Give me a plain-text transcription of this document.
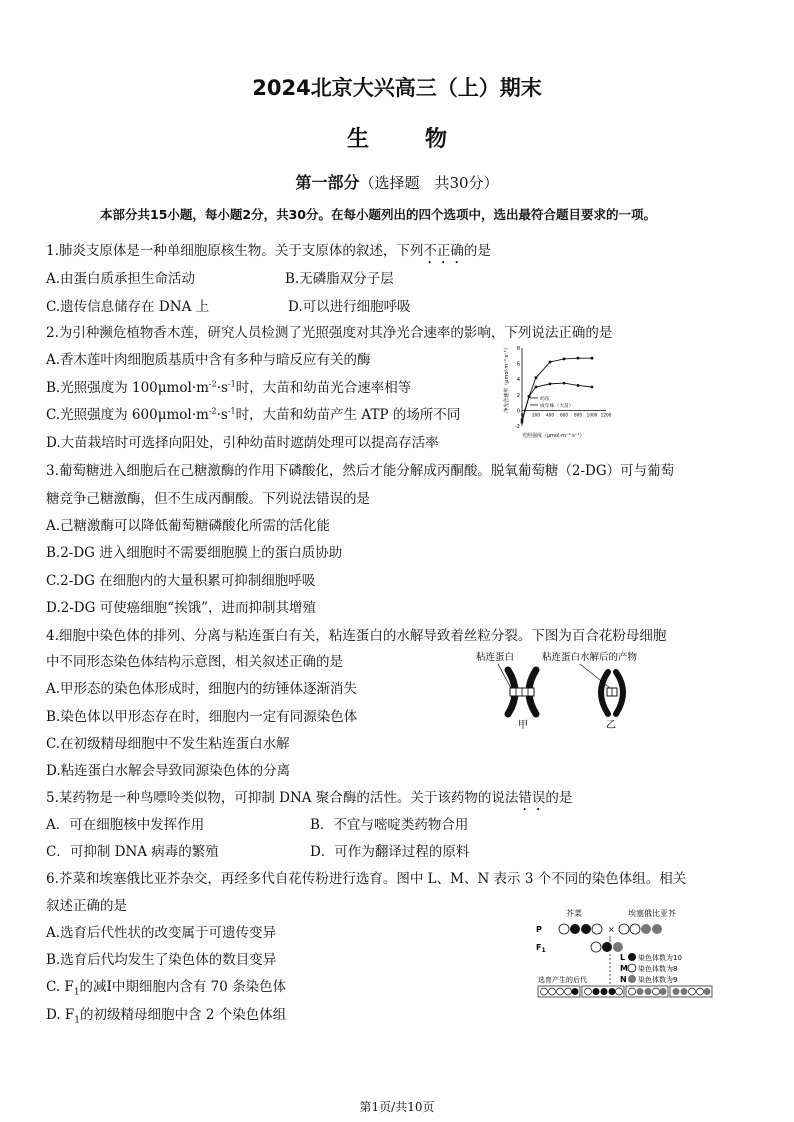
2024北京大兴高三（上）期末
生物
第一部分（选择题　共30分）
本部分共15小题，每小题2分，共30分。在每小题列出的四个选项中，选出最符合题目要求的一项。
1.肺炎支原体是一种单细胞原核生物。关于支原体的叙述，下列不正确的是
A.由蛋白质承担生命活动	B.无磷脂双分子层
C.遗传信息储存在 DNA 上	D.可以进行细胞呼吸
2.为引种濒危植物香木莲，研究人员检测了光照强度对其净光合速率的影响，下列说法正确的是
A.香木莲叶肉细胞质基质中含有多种与暗反应有关的酶
B.光照强度为 $100\mu mol\cdot m^{-2}\cdot s^{-1}$时，大苗和幼苗光合速率相等
C.光照强度为 $600\mu mol\cdot m^{-2}\cdot s^{-1}$时，大苗和幼苗产生 ATP 的场所不同
D.大苗栽培时可选择向阳处，引种幼苗时遮荫处理可以提高存活率
-2
0
2
4
6
8
0 200 400 600 800 1000 1200
净光合速率（μmol·m⁻²·s⁻¹）
光照强度（μmol·m⁻²·s⁻¹）
幼苗
成年株（大苗）
3.葡萄糖进入细胞后在己糖激酶的作用下磷酸化，然后才能分解成丙酮酸。脱氧葡萄糖（2-DG）可与葡萄
糖竞争己糖激酶，但不生成丙酮酸。下列说法错误的是
A.己糖激酶可以降低葡萄糖磷酸化所需的活化能
B.2-DG 进入细胞时不需要细胞膜上的蛋白质协助
C.2-DG 在细胞内的大量积累可抑制细胞呼吸
D.2-DG 可使癌细胞“挨饿”，进而抑制其增殖
4.细胞中染色体的排列、分离与粘连蛋白有关，粘连蛋白的水解导致着丝粒分裂。下图为百合花粉母细胞
中不同形态染色体结构示意图，相关叙述正确的是
A.甲形态的染色体形成时，细胞内的纺锤体逐渐消失
B.染色体以甲形态存在时，细胞内一定有同源染色体
C.在初级精母细胞中不发生粘连蛋白水解
D.粘连蛋白水解会导致同源染色体的分离
粘连蛋白	粘连蛋白水解后的产物
甲	乙
5.某药物是一种鸟嘌呤类似物，可抑制 DNA 聚合酶的活性。关于该药物的说法错误的是
A．可在细胞核中发挥作用	B．不宜与嘧啶类药物合用
C．可抑制 DNA 病毒的繁殖	D．可作为翻译过程的原料
6.芥菜和埃塞俄比亚芥杂交，再经多代自花传粉进行选育。图中 L、M、N 表示 3 个不同的染色体组。相关
叙述正确的是
A.选育后代性状的改变属于可遗传变异
B.选育后代均发生了染色体的数目变异
C. $F_1$的减Ⅰ中期细胞内含有 70 条染色体
D. $F_1$的初级精母细胞中含 2 个染色体组
芥菜	埃塞俄比亚芥
P	×
$F_1$
L 染色体数为10
M 染色体数为8
N 染色体数为9
选育产生的后代
第1页/共10页
